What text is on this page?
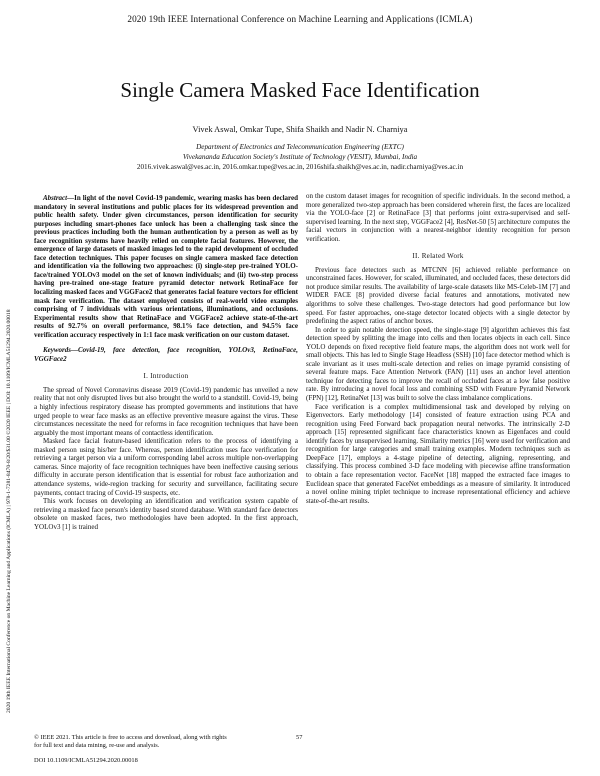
2020 19th IEEE International Conference on Machine Learning and Applications (ICMLA)
2020 19th IEEE International Conference on Machine Learning and Applications (ICMLA) | 978-1-7281-8470-8/20/$31.00 ©2020 IEEE | DOI: 10.1109/ICMLA51294.2020.00018
Single Camera Masked Face Identification
Vivek Aswal, Omkar Tupe, Shifa Shaikh and Nadir N. Charniya
Department of Electronics and Telecommunication Engineering (EXTC)
Vivekananda Education Society's Institute of Technology (VESIT), Mumbai, India
2016.vivek.aswal@ves.ac.in, 2016.omkar.tupe@ves.ac.in, 2016shifa.shaikh@ves.ac.in, nadir.charniya@ves.ac.in

Abstract—In light of the novel Covid-19 pandemic, wearing masks has been declared mandatory in several institutions and public places for its widespread prevention and public health safety. Under given circumstances, person identification for security purposes including smart-phones face unlock has been a challenging task since the previous practices including both the human authentication by a person as well as by face recognition systems have heavily relied on complete facial features. However, the emergence of large datasets of masked images led to the rapid development of occluded face detection techniques. This paper focuses on single camera masked face detection and identification via the following two approaches: (i) single-step pre-trained YOLO-face/trained YOLOv3 model on the set of known individuals; and (ii) two-step process having pre-trained one-stage feature pyramid detector network RetinaFace for localizing masked faces and VGGFace2 that generates facial feature vectors for efficient mask face verification. The dataset employed consists of real-world video examples comprising of 7 individuals with various orientations, illuminations, and occlusions. Experimental results show that RetinaFace and VGGFace2 achieve state-of-the-art results of 92.7% on overall performance, 98.1% face detection, and 94.5% face verification accuracy respectively in 1:1 face mask verification on our custom dataset.

Keywords—Covid-19, face detection, face recognition, YOLOv3, RetinaFace, VGGFace2

I. Introduction

The spread of Novel Coronavirus disease 2019 (Covid-19) pandemic has unveiled a new reality that not only disrupted lives but also brought the world to a standstill. Covid-19, being a highly infectious respiratory disease has prompted governments and institutions that have urged people to wear face masks as an effective preventive measure against the virus. These circumstances necessitate the need for reforms in face recognition techniques that have been arguably the most important means of contactless identification.

Masked face facial feature-based identification refers to the process of identifying a masked person using his/her face. Whereas, person identification uses face verification for retrieving a target person via a uniform corresponding label across multiple non-overlapping cameras. Since majority of face recognition techniques have been ineffective causing serious difficulty in accurate person identification that is essential for robust face authorization and attendance systems, wide-region tracking for security and surveillance, facilitating secure payments, contact tracing of Covid-19 suspects, etc.

This work focuses on developing an identification and verification system capable of retrieving a masked face person's identity based stored database. With standard face detectors obsolete on masked faces, two methodologies have been adopted. In the first approach, YOLOv3 [1] is trained

on the custom dataset images for recognition of specific individuals. In the second method, a more generalized two-step approach has been considered wherein first, the faces are localized via the YOLO-face [2] or RetinaFace [3] that performs joint extra-supervised and self-supervised learning. In the next step, VGGFace2 [4], ResNet-50 [5] architecture computes the facial vectors in conjunction with a nearest-neighbor identity recognition for person verification.

II. Related Work

Previous face detectors such as MTCNN [6] achieved reliable performance on unconstrained faces. However, for scaled, illuminated, and occluded faces, these detectors did not produce similar results. The availability of large-scale datasets like MS-Celeb-1M [7] and WIDER FACE [8] provided diverse facial features and annotations, motivated new algorithms to solve these challenges. Two-stage detectors had good performance but low speed. For faster approaches, one-stage detector located objects with a single detector by predefining the aspect ratios of anchor boxes.

In order to gain notable detection speed, the single-stage [9] algorithm achieves this fast detection speed by splitting the image into cells and then locates objects in each cell. Since YOLO depends on fixed receptive field feature maps, the algorithm does not work well for small objects. This has led to Single Stage Headless (SSH) [10] face detector method which is scale invariant as it uses multi-scale detection and relies on image pyramid consisting of several feature maps. Face Attention Network (FAN) [11] uses an anchor level attention technique for detecting faces to improve the recall of occluded faces at a low false positive rate. By introducing a novel focal loss and combining SSD with Feature Pyramid Network (FPN) [12], RetinaNet [13] was built to solve the class imbalance complications.

Face verification is a complex multidimensional task and developed by relying on Eigenvectors. Early methodology [14] consisted of feature extraction using PCA and recognition using Feed Forward back propagation neural networks. The intrinsically 2-D approach [15] represented significant face characteristics known as Eigenfaces and could identify faces by unsupervised learning. Similarity metrics [16] were used for verification and recognition for large categories and small training examples. Modern techniques such as DeepFace [17], employs a 4-stage pipeline of detecting, aligning, representing, and classifying. This process combined 3-D face modeling with piecewise affine transformation to obtain a face representation vector. FaceNet [18] mapped the extracted face images to Euclidean space that generated FaceNet embeddings as a measure of similarity. It introduced a novel online mining triplet technique to increase representational efficiency and achieve state-of-the-art results.

© IEEE 2021. This article is free to access and download, along with rights
for full text and data mining, re-use and analysis.
57
DOI 10.1109/ICMLA51294.2020.00018
